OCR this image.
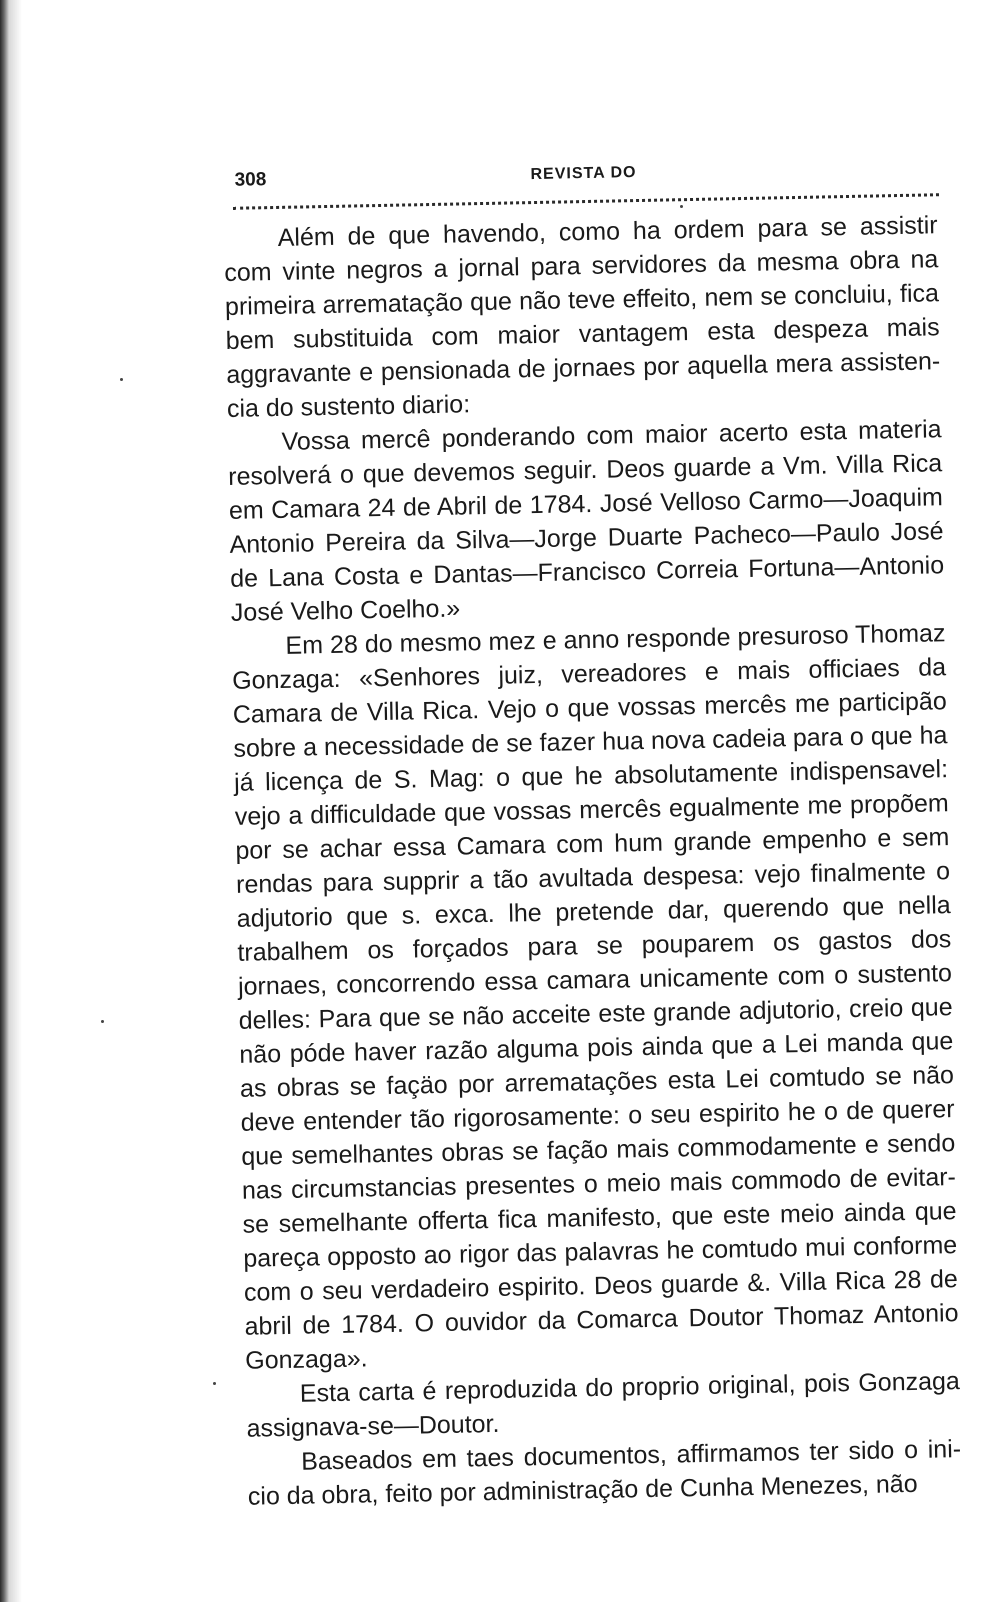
308	REVISTA DO

Além de que havendo, como ha ordem para se assistir com vinte negros a jornal para servidores da mesma obra na primeira arrematação que não teve effeito, nem se concluiu, fica bem substituida com maior vantagem esta despeza mais aggravante e pensionada de jornaes por aquella mera assistencia do sustento diario:

Vossa mercê ponderando com maior acerto esta materia resolverá o que devemos seguir. Deos guarde a Vm. Villa Rica em Camara 24 de Abril de 1784. José Velloso Carmo—Joaquim Antonio Pereira da Silva—Jorge Duarte Pacheco—Paulo José de Lana Costa e Dantas—Francisco Correia Fortuna—Antonio José Velho Coelho.»

Em 28 do mesmo mez e anno responde presuroso Thomaz Gonzaga: «Senhores juiz, vereadores e mais officiaes da Camara de Villa Rica. Vejo o que vossas mercês me participão sobre a necessidade de se fazer hua nova cadeia para o que ha já licença de S. Mag: o que he absolutamente indispensavel: vejo a difficuldade que vossas mercês egualmente me propõem por se achar essa Camara com hum grande empenho e sem rendas para supprir a tão avultada despesa: vejo finalmente o adjutorio que s. exca. lhe pretende dar, querendo que nella trabalhem os forçados para se pouparem os gastos dos jornaes, concorrendo essa camara unicamente com o sustento delles: Para que se não acceite este grande adjutorio, creio que não póde haver razão alguma pois ainda que a Lei manda que as obras se façäo por arrematações esta Lei comtudo se não deve entender tão rigorosamente: o seu espirito he o de querer que semelhantes obras se fação mais commodamente e sendo nas circumstancias presentes o meio mais commodo de evitar-se semelhante offerta fica manifesto, que este meio ainda que pareça opposto ao rigor das palavras he comtudo mui conforme com o seu verdadeiro espirito. Deos guarde &. Villa Rica 28 de abril de 1784. O ouvidor da Comarca Doutor Thomaz Antonio Gonzaga».

Esta carta é reproduzida do proprio original, pois Gonzaga assignava-se—Doutor.

Baseados em taes documentos, affirmamos ter sido o inicio da obra, feito por administração de Cunha Menezes, não
